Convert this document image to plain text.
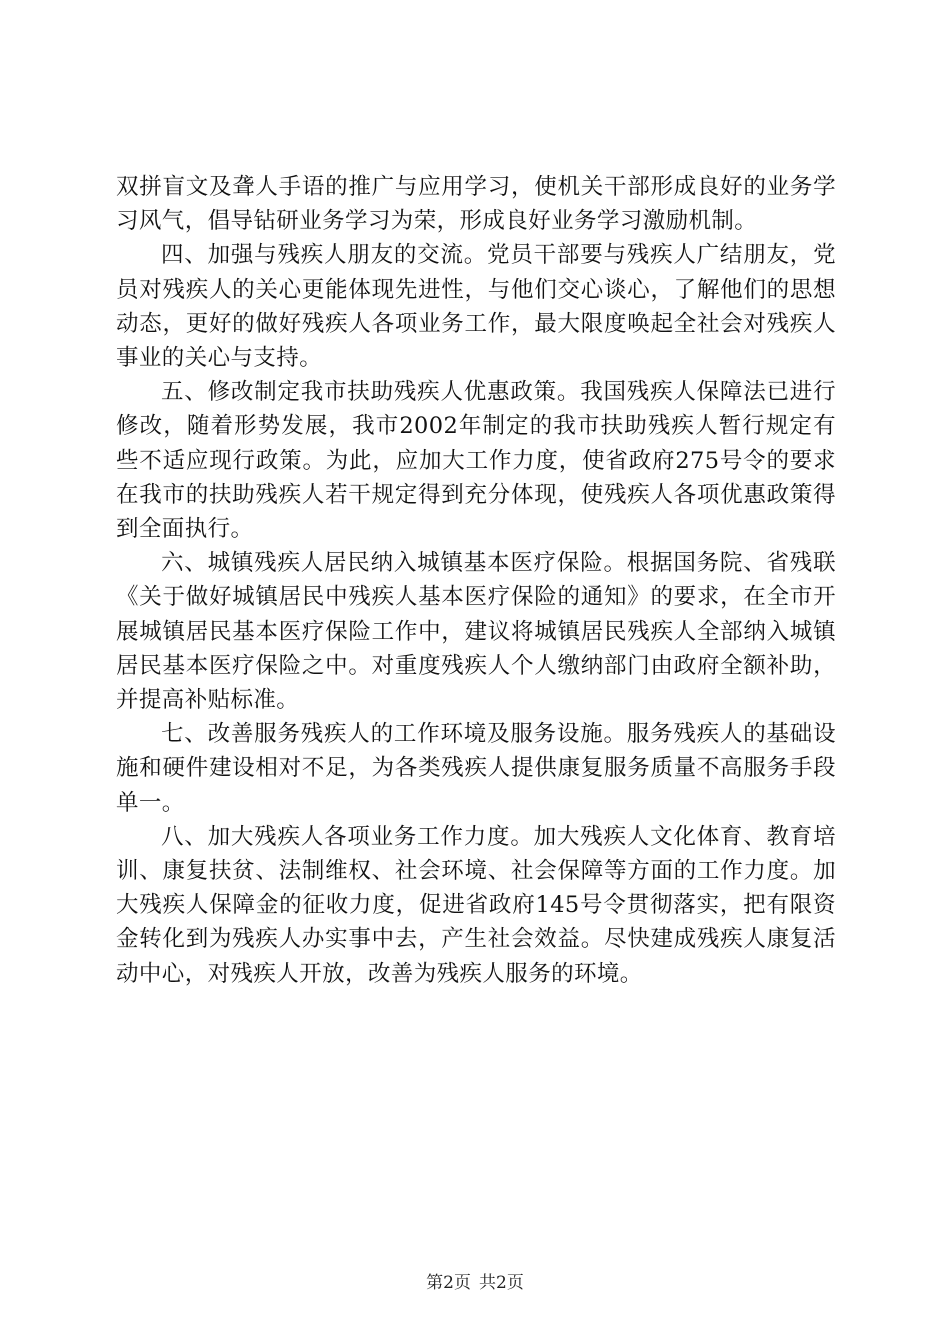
双拼盲文及聋人手语的推广与应用学习，使机关干部形成良好的业务学习风气，倡导钻研业务学习为荣，形成良好业务学习激励机制。

四、加强与残疾人朋友的交流。党员干部要与残疾人广结朋友，党员对残疾人的关心更能体现先进性，与他们交心谈心，了解他们的思想动态，更好的做好残疾人各项业务工作，最大限度唤起全社会对残疾人事业的关心与支持。

五、修改制定我市扶助残疾人优惠政策。我国残疾人保障法已进行修改，随着形势发展，我市2002年制定的我市扶助残疾人暂行规定有些不适应现行政策。为此，应加大工作力度，使省政府275号令的要求在我市的扶助残疾人若干规定得到充分体现，使残疾人各项优惠政策得到全面执行。

六、城镇残疾人居民纳入城镇基本医疗保险。根据国务院、省残联《关于做好城镇居民中残疾人基本医疗保险的通知》的要求，在全市开展城镇居民基本医疗保险工作中，建议将城镇居民残疾人全部纳入城镇居民基本医疗保险之中。对重度残疾人个人缴纳部门由政府全额补助，并提高补贴标准。

七、改善服务残疾人的工作环境及服务设施。服务残疾人的基础设施和硬件建设相对不足，为各类残疾人提供康复服务质量不高服务手段单一。

八、加大残疾人各项业务工作力度。加大残疾人文化体育、教育培训、康复扶贫、法制维权、社会环境、社会保障等方面的工作力度。加大残疾人保障金的征收力度，促进省政府145号令贯彻落实，把有限资金转化到为残疾人办实事中去，产生社会效益。尽快建成残疾人康复活动中心，对残疾人开放，改善为残疾人服务的环境。

第2页 共2页
